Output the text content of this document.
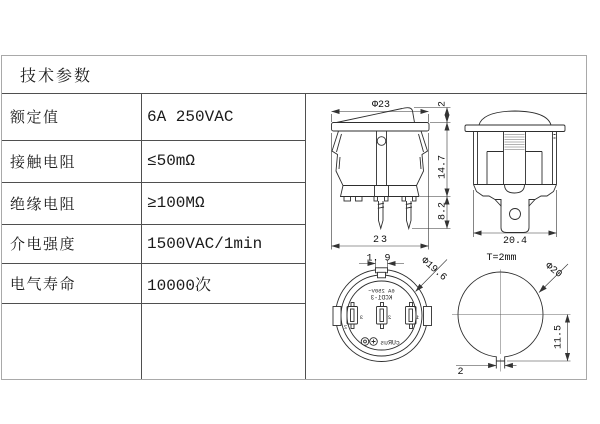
技术参数
额定值	6A 250VAC
接触电阻	≤50mΩ
绝缘电阻	≥100MΩ
介电强度	1500VAC/1min
电气寿命	10000次
Φ23	2
14.7
8.2
23	20.4
6A 250V~
KCD1-3
3
2
2	1
cURus
1. 9	Φ19.6	T=2mm
Φ20
11.5
2
